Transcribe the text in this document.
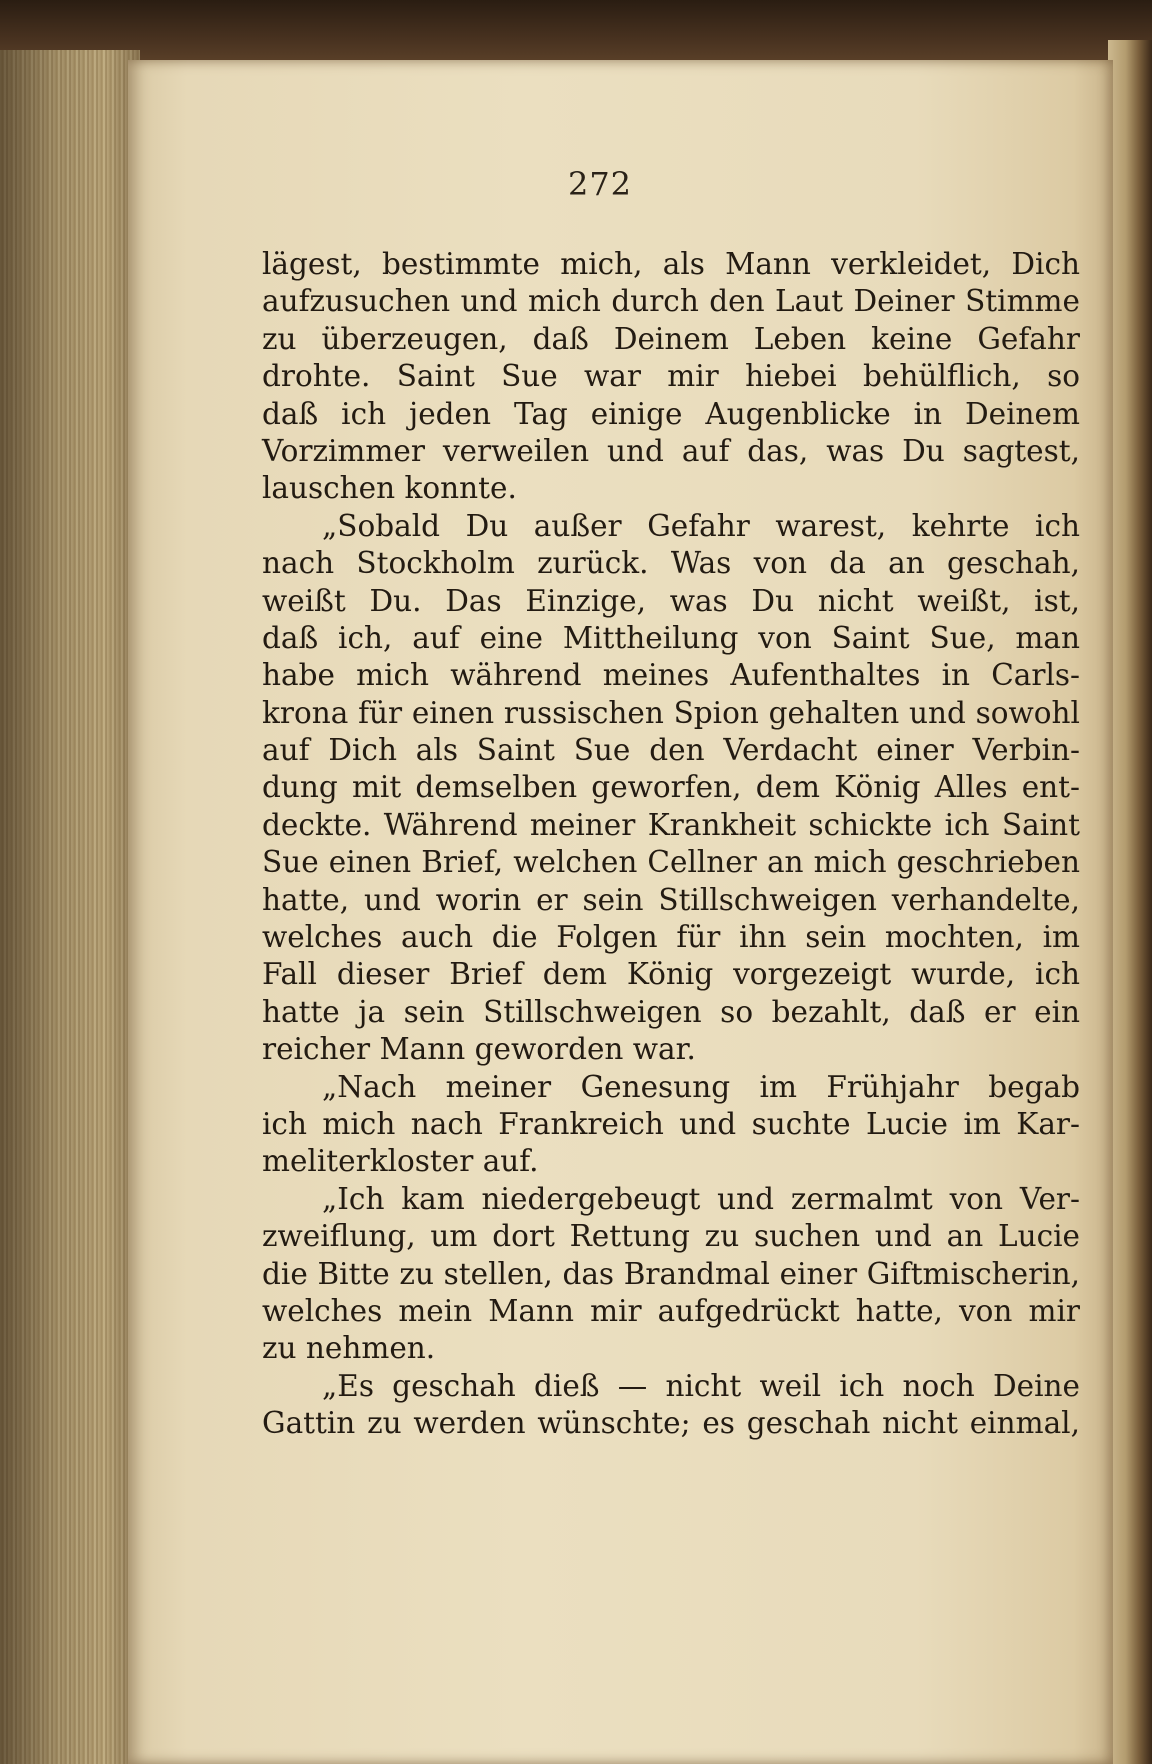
272
lägest, bestimmte mich, als Mann verkleidet, Dich
aufzusuchen und mich durch den Laut Deiner Stimme
zu überzeugen, daß Deinem Leben keine Gefahr
drohte. Saint Sue war mir hiebei behülflich, so
daß ich jeden Tag einige Augenblicke in Deinem
Vorzimmer verweilen und auf das, was Du sagtest,
lauschen konnte.
„Sobald Du außer Gefahr warest, kehrte ich
nach Stockholm zurück. Was von da an geschah,
weißt Du. Das Einzige, was Du nicht weißt, ist,
daß ich, auf eine Mittheilung von Saint Sue, man
habe mich während meines Aufenthaltes in Carls-
krona für einen russischen Spion gehalten und sowohl
auf Dich als Saint Sue den Verdacht einer Verbin-
dung mit demselben geworfen, dem König Alles ent-
deckte. Während meiner Krankheit schickte ich Saint
Sue einen Brief, welchen Cellner an mich geschrieben
hatte, und worin er sein Stillschweigen verhandelte,
welches auch die Folgen für ihn sein mochten, im
Fall dieser Brief dem König vorgezeigt wurde, ich
hatte ja sein Stillschweigen so bezahlt, daß er ein
reicher Mann geworden war.
„Nach meiner Genesung im Frühjahr begab
ich mich nach Frankreich und suchte Lucie im Kar-
meliterkloster auf.
„Ich kam niedergebeugt und zermalmt von Ver-
zweiflung, um dort Rettung zu suchen und an Lucie
die Bitte zu stellen, das Brandmal einer Giftmischerin,
welches mein Mann mir aufgedrückt hatte, von mir
zu nehmen.
„Es geschah dieß — nicht weil ich noch Deine
Gattin zu werden wünschte; es geschah nicht einmal,
